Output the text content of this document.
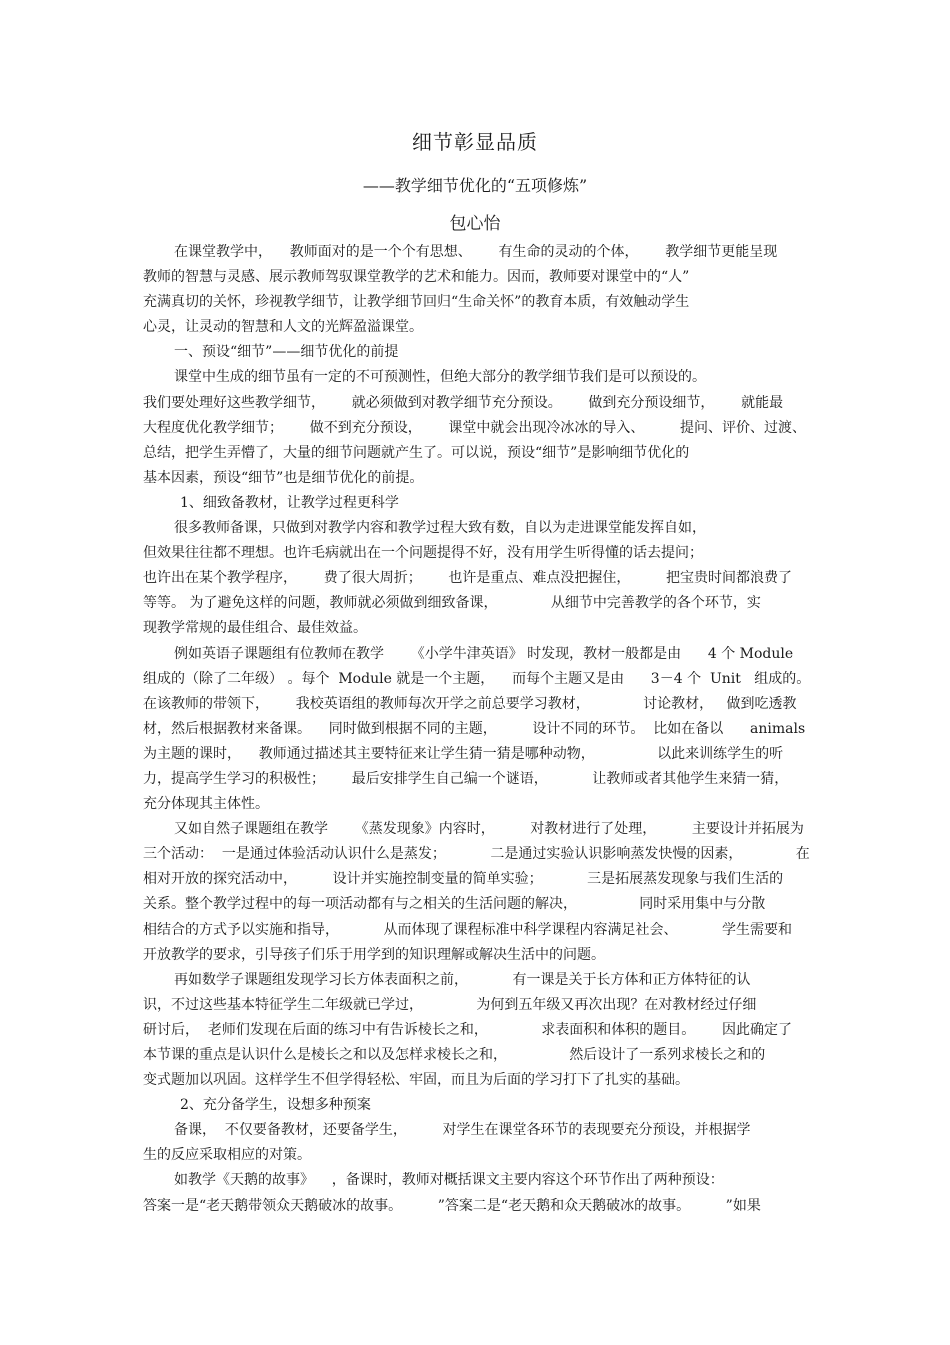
细节彰显品质
——教学细节优化的“五项修炼”
包心怡
在课堂教学中，    教师面对的是一个个有思想、      有生命的灵动的个体，      教学细节更能呈现
教师的智慧与灵感、展示教师驾驭课堂教学的艺术和能力。因而，教师要对课堂中的“人”
充满真切的关怀，珍视教学细节，让教学细节回归“生命关怀”的教育本质，有效触动学生
心灵，让灵动的智慧和人文的光辉盈溢课堂。
一、预设“细节”——细节优化的前提
课堂中生成的细节虽有一定的不可预测性，但绝大部分的教学细节我们是可以预设的。
我们要处理好这些教学细节，      就必须做到对教学细节充分预设。      做到充分预设细节，      就能最
大程度优化教学细节；      做不到充分预设，      课堂中就会出现冷冰冰的导入、        提问、评价、过渡、
总结，把学生弄懵了，大量的细节问题就产生了。可以说，预设“细节”是影响细节优化的
基本因素，预设“细节”也是细节优化的前提。
1、细致备教材，让教学过程更科学
很多教师备课，只做到对教学内容和教学过程大致有数，自以为走进课堂能发挥自如，
但效果往往都不理想。也许毛病就出在一个问题提得不好，没有用学生听得懂的话去提问；
也许出在某个教学程序，      费了很大周折；      也许是重点、难点没把握住，        把宝贵时间都浪费了
等等。 为了避免这样的问题，教师就必须做到细致备课，            从细节中完善教学的各个环节，实
现教学常规的最佳组合、最佳效益。
例如英语子课题组有位教师在教学      《小学牛津英语》 时发现，教材一般都是由      4 个 Module
组成的（除了二年级） 。每个  Module 就是一个主题，    而每个主题又是由      3－4 个  Unit   组成的。
在该教师的带领下，      我校英语组的教师每次开学之前总要学习教材，            讨论教材，   做到吃透教
材，然后根据教材来备课。    同时做到根据不同的主题，        设计不同的环节。  比如在备以      animals
为主题的课时，    教师通过描述其主要特征来让学生猜一猜是哪种动物，              以此来训练学生的听
力，提高学生学习的积极性；      最后安排学生自己编一个谜语，          让教师或者其他学生来猜一猜，
充分体现其主体性。
又如自然子课题组在教学      《蒸发现象》内容时，        对教材进行了处理，        主要设计并拓展为
三个活动：  一是通过体验活动认识什么是蒸发；          二是通过实验认识影响蒸发快慢的因素，            在
相对开放的探究活动中，        设计并实施控制变量的简单实验；          三是拓展蒸发现象与我们生活的
关系。整个教学过程中的每一项活动都有与之相关的生活问题的解决，              同时采用集中与分散
相结合的方式予以实施和指导，          从而体现了课程标准中科学课程内容满足社会、          学生需要和
开放教学的要求，引导孩子们乐于用学到的知识理解或解决生活中的问题。
再如数学子课题组发现学习长方体表面积之前，          有一课是关于长方体和正方体特征的认
识，不过这些基本特征学生二年级就已学过，            为何到五年级又再次出现？在对教材经过仔细
研讨后，  老师们发现在后面的练习中有告诉棱长之和，            求表面积和体积的题目。      因此确定了
本节课的重点是认识什么是棱长之和以及怎样求棱长之和，              然后设计了一系列求棱长之和的
变式题加以巩固。这样学生不但学得轻松、牢固，而且为后面的学习打下了扎实的基础。
2、充分备学生，设想多种预案
备课，  不仅要备教材，还要备学生，        对学生在课堂各环节的表现要充分预设，并根据学
生的反应采取相应的对策。
如教学《天鹅的故事》    ，备课时，教师对概括课文主要内容这个环节作出了两种预设：
答案一是“老天鹅带领众天鹅破冰的故事。        ”答案二是“老天鹅和众天鹅破冰的故事。        ”如果
